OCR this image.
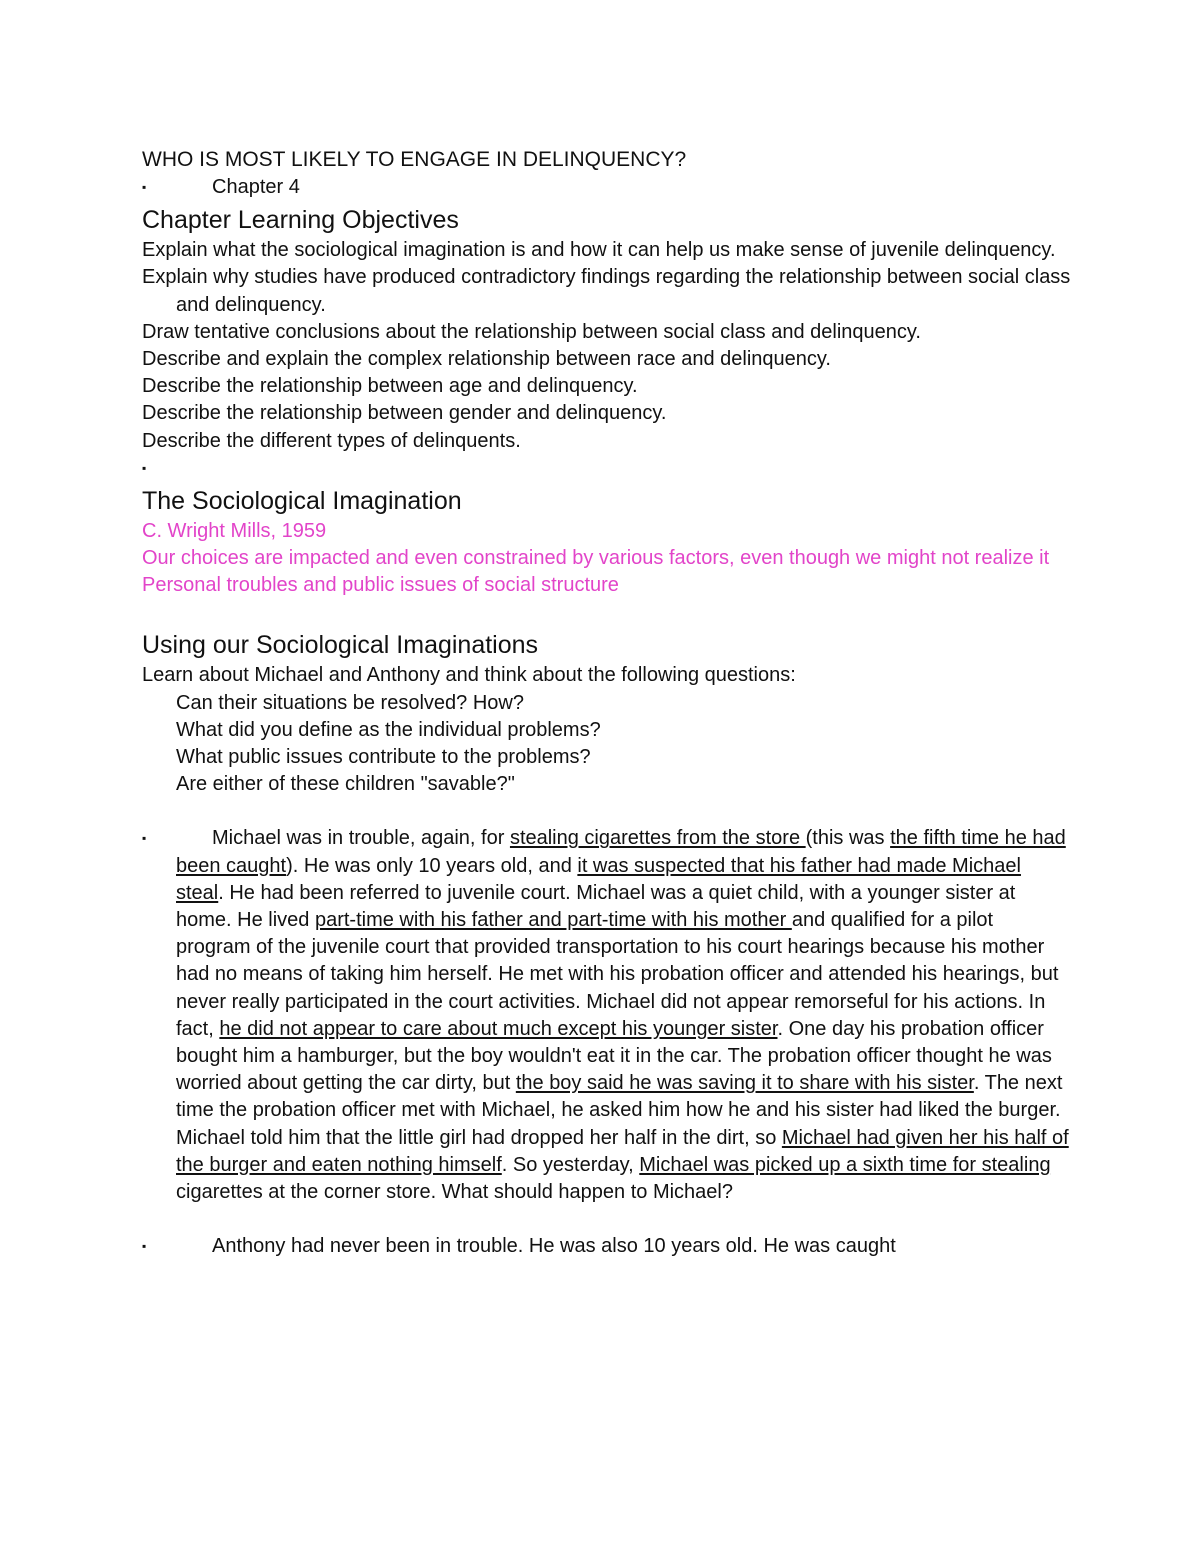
WHO IS MOST LIKELY TO ENGAGE IN DELINQUENCY?

▪	Chapter 4
Chapter Learning Objectives

Explain what the sociological imagination is and how it can help us make sense of juvenile delinquency.

Explain why studies have produced contradictory findings regarding the relationship between social class and delinquency.

Draw tentative conclusions about the relationship between social class and delinquency.

Describe and explain the complex relationship between race and delinquency.

Describe the relationship between age and delinquency.

Describe the relationship between gender and delinquency.

Describe the different types of delinquents.

▪
The Sociological Imagination

C. Wright Mills, 1959

Our choices are impacted and even constrained by various factors, even though we might not realize it

Personal troubles and public issues of social structure

Using our Sociological Imaginations

Learn about Michael and Anthony and think about the following questions:

Can their situations be resolved? How?

What did you define as the individual problems?

What public issues contribute to the problems?

Are either of these children "savable?"

▪	Michael was in trouble, again, for stealing cigarettes from the store (this was the fifth time he had been caught). He was only 10 years old, and it was suspected that his father had made Michael steal. He had been referred to juvenile court. Michael was a quiet child, with a younger sister at home. He lived part-time with his father and part-time with his mother and qualified for a pilot program of the juvenile court that provided transportation to his court hearings because his mother had no means of taking him herself. He met with his probation officer and attended his hearings, but never really participated in the court activities. Michael did not appear remorseful for his actions. In fact, he did not appear to care about much except his younger sister. One day his probation officer bought him a hamburger, but the boy wouldn't eat it in the car. The probation officer thought he was worried about getting the car dirty, but the boy said he was saving it to share with his sister. The next time the probation officer met with Michael, he asked him how he and his sister had liked the burger. Michael told him that the little girl had dropped her half in the dirt, so Michael had given her his half of the burger and eaten nothing himself. So yesterday, Michael was picked up a sixth time for stealing cigarettes at the corner store. What should happen to Michael?

▪	Anthony had never been in trouble. He was also 10 years old. He was caught
